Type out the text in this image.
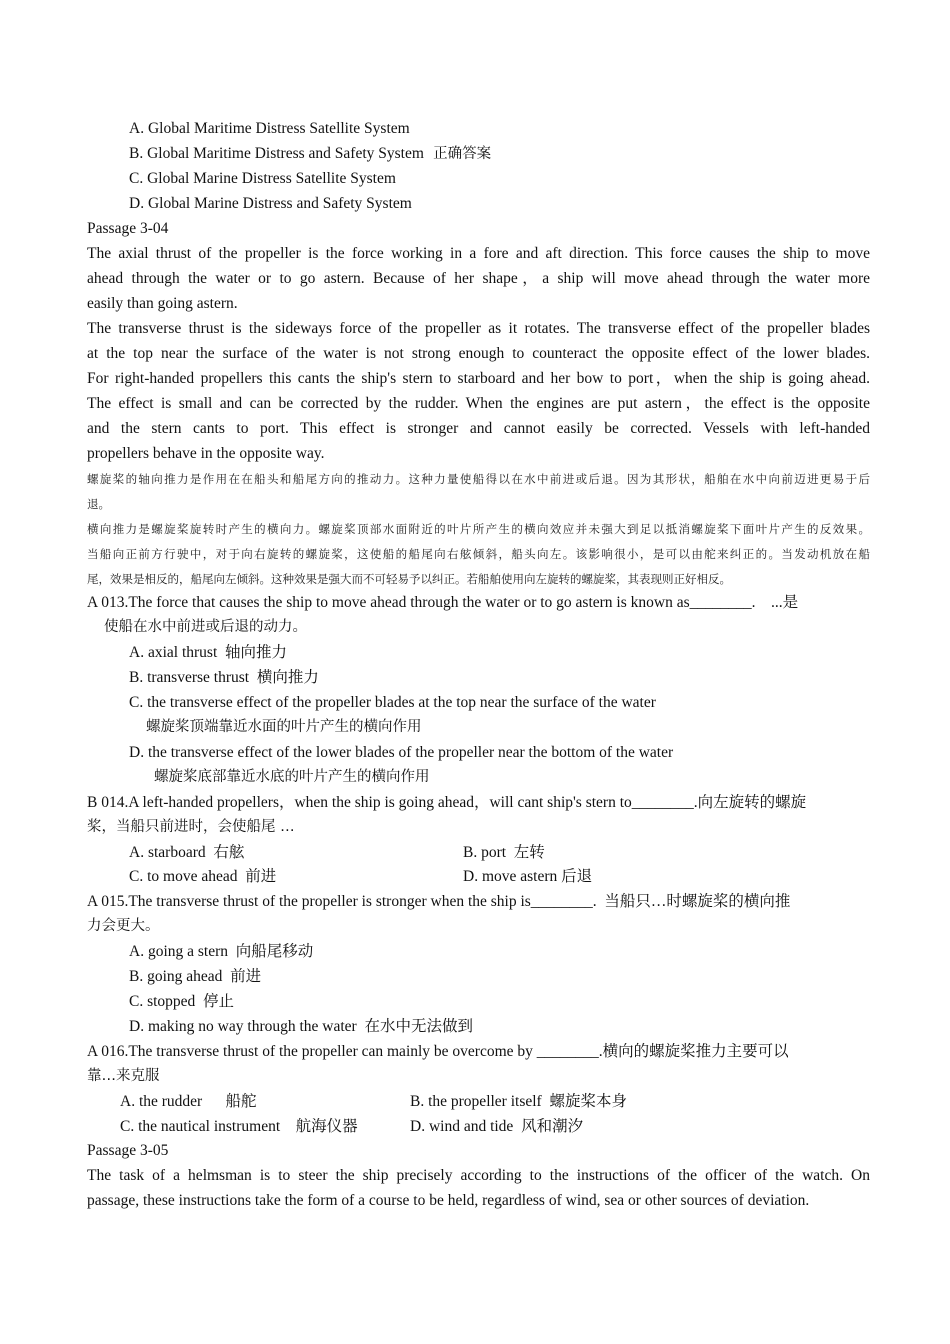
A. Global Maritime Distress Satellite System
B. Global Maritime Distress and Safety System 正确答案
C. Global Marine Distress Satellite System
D. Global Marine Distress and Safety System
Passage 3-04
The axial thrust of the propeller is the force working in a fore and aft direction. This force causes the ship to move
ahead through the water or to go astern. Because of her shape，a ship will move ahead through the water more
easily than going astern.
The transverse thrust is the sideways force of the propeller as it rotates. The transverse effect of the propeller blades
at the top near the surface of the water is not strong enough to counteract the opposite effect of the lower blades.
For right-handed propellers this cants the ship's stern to starboard and her bow to port，when the ship is going ahead.
The effect is small and can be corrected by the rudder. When the engines are put astern，the effect is the opposite
and the stern cants to port. This effect is stronger and cannot easily be corrected. Vessels with left-handed
propellers behave in the opposite way.
螺旋桨的轴向推力是作用在在船头和船尾方向的推动力。这种力量使船得以在水中前进或后退。因为其形状，船舶在水中向前迈进更易于后
退。
横向推力是螺旋桨旋转时产生的横向力。螺旋桨顶部水面附近的叶片所产生的横向效应并未强大到足以抵消螺旋桨下面叶片产生的反效果。
当船向正前方行驶中，对于向右旋转的螺旋桨，这使船的船尾向右舷倾斜，船头向左。该影响很小，是可以由舵来纠正的。当发动机放在船
尾，效果是相反的，船尾向左倾斜。这种效果是强大而不可轻易予以纠正。若船舶使用向左旋转的螺旋桨，其表现则正好相反。
A 013.The force that causes the ship to move ahead through the water or to go astern is known as________.    ...是
使船在水中前进或后退的动力。
A. axial thrust  轴向推力
B. transverse thrust  横向推力
C. the transverse effect of the propeller blades at the top near the surface of the water
螺旋桨顶端靠近水面的叶片产生的横向作用
D. the transverse effect of the lower blades of the propeller near the bottom of the water
螺旋桨底部靠近水底的叶片产生的横向作用
B 014.A left-handed propellers，when the ship is going ahead，will cant ship's stern to________.向左旋转的螺旋
桨，当船只前进时，会使船尾 …
A. starboard  右舷	B. port  左转
C. to move ahead  前进	D. move astern 后退
A 015.The transverse thrust of the propeller is stronger when the ship is________.  当船只…时螺旋桨的横向推
力会更大。
A. going a stern  向船尾移动
B. going ahead  前进
C. stopped  停止
D. making no way through the water  在水中无法做到
A 016.The transverse thrust of the propeller can mainly be overcome by ________.横向的螺旋桨推力主要可以
靠…来克服
A. the rudder      船舵	B. the propeller itself  螺旋桨本身
C. the nautical instrument    航海仪器	D. wind and tide  风和潮汐
Passage 3-05
The task of a helmsman is to steer the ship precisely according to the instructions of the officer of the watch. On
passage, these instructions take the form of a course to be held, regardless of wind, sea or other sources of deviation.
